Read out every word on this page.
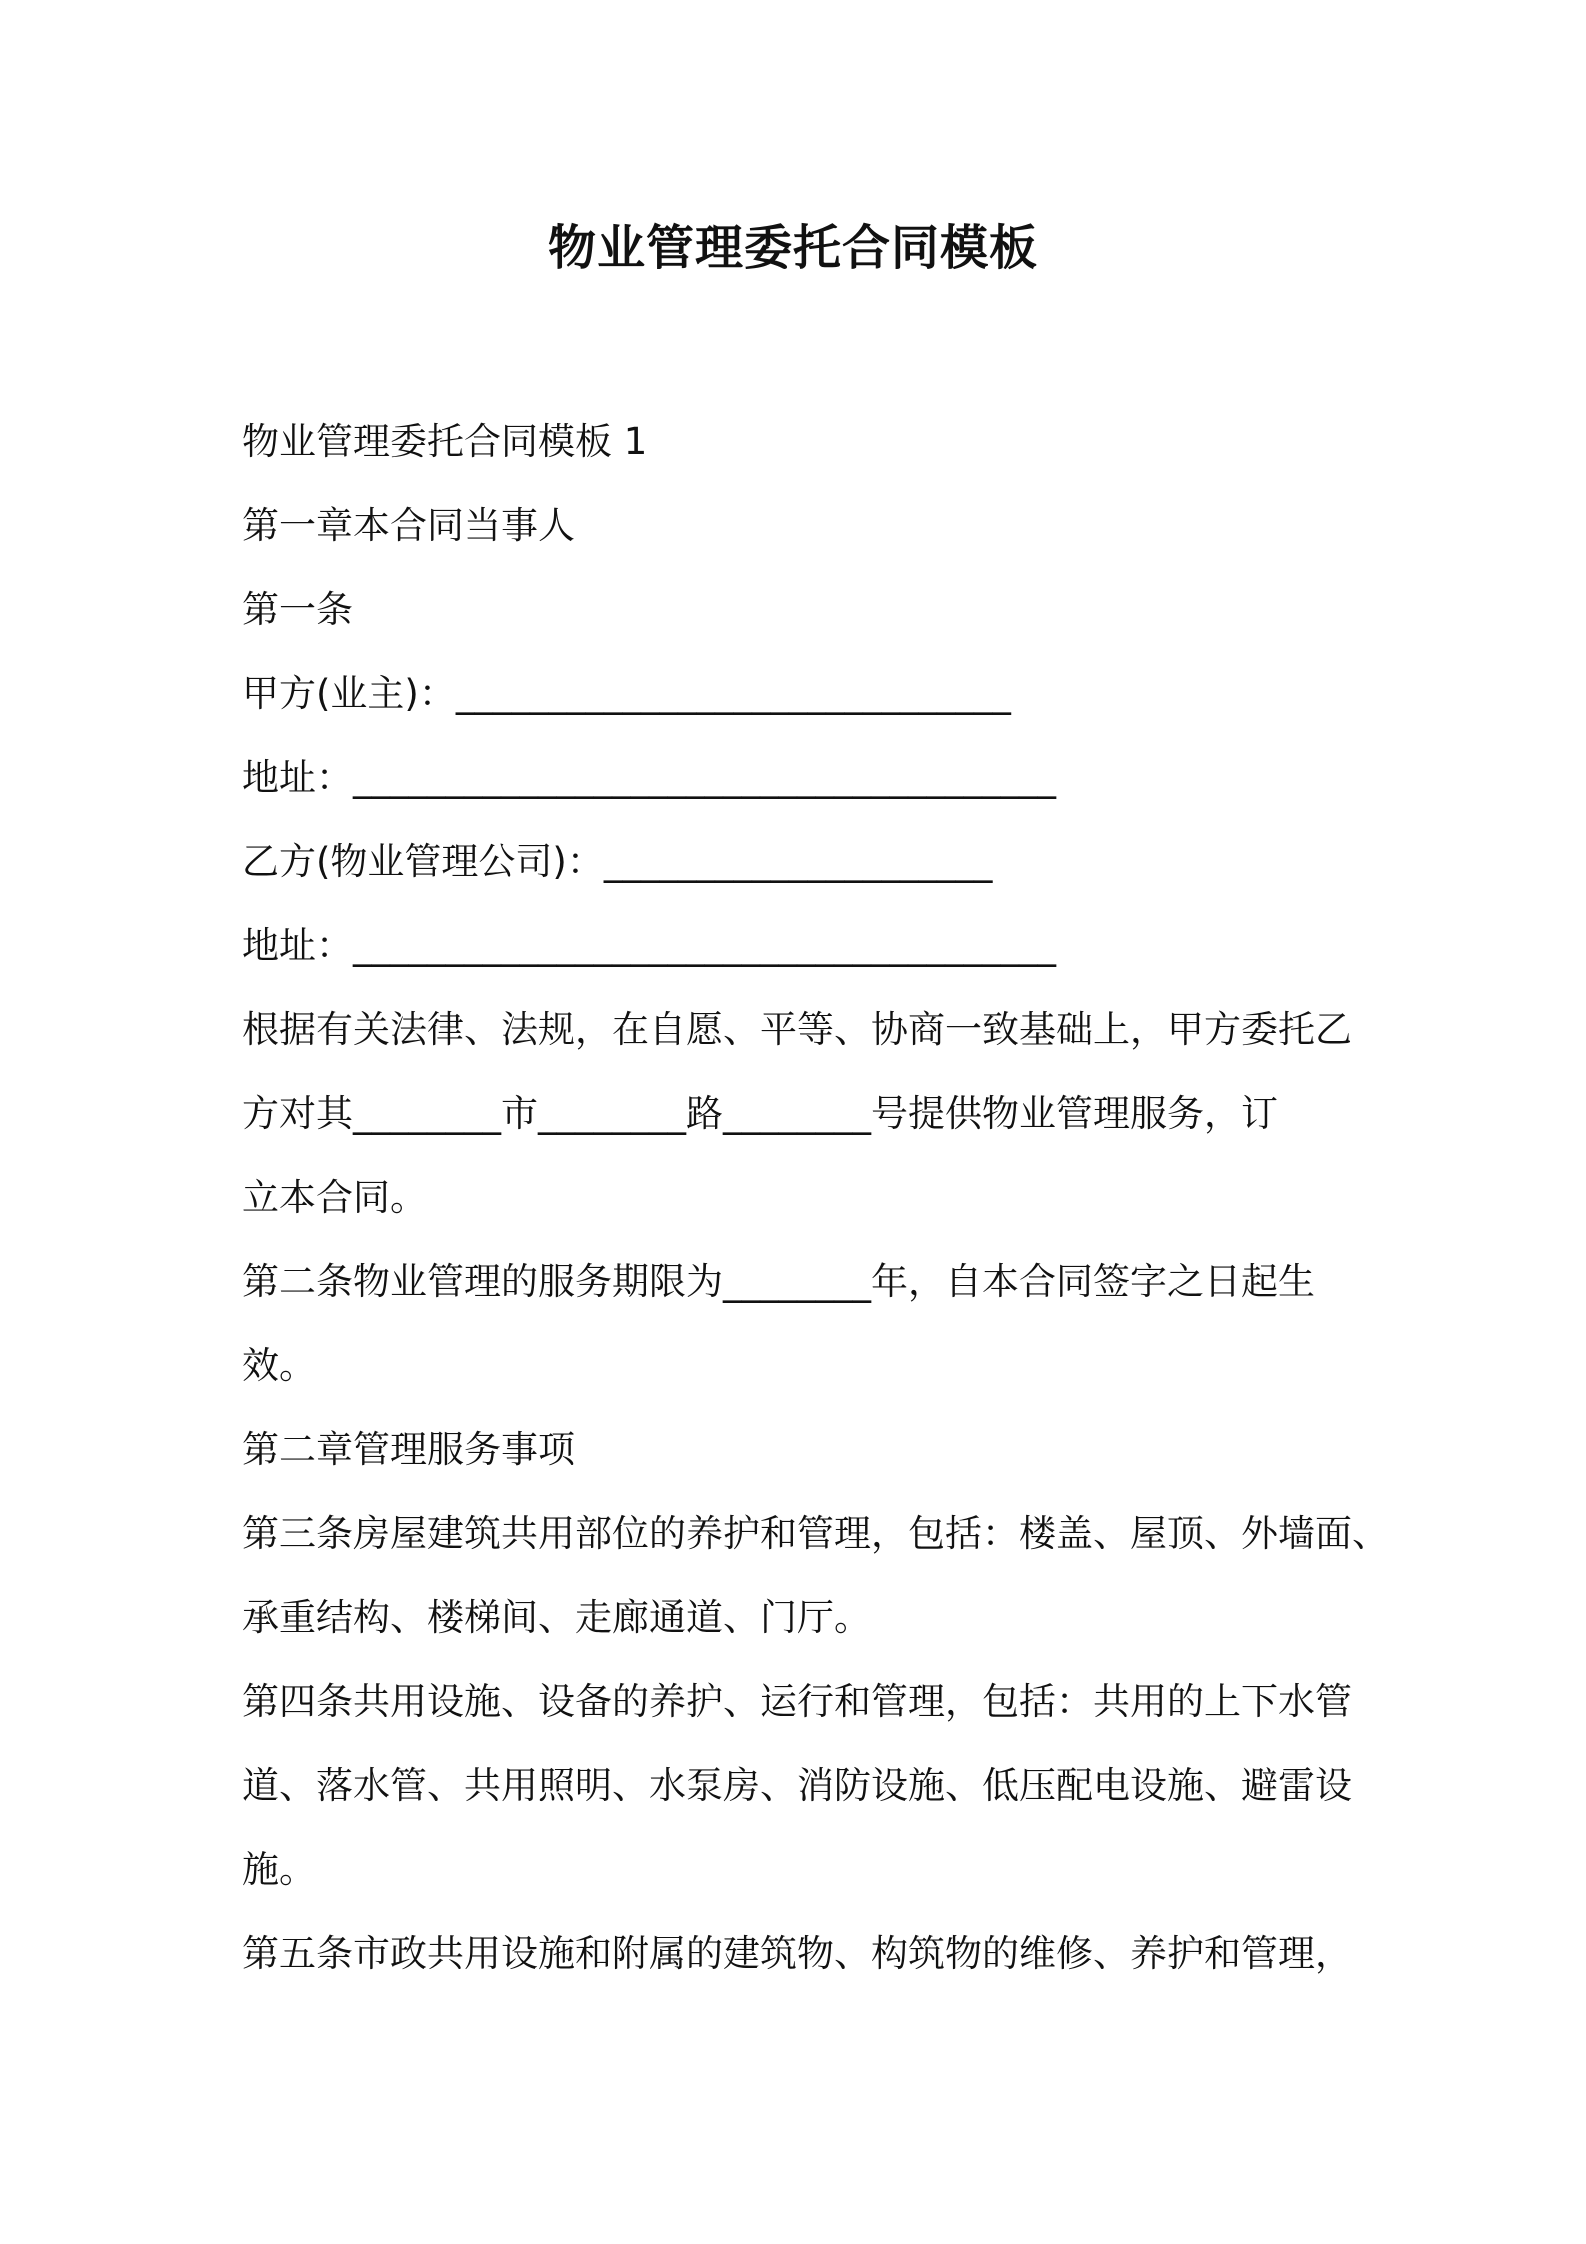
物业管理委托合同模板
物业管理委托合同模板 1
第一章本合同当事人
第一条
甲方(业主)：______________________________
地址：______________________________________
乙方(物业管理公司)：_____________________
地址：______________________________________
根据有关法律、法规，在自愿、平等、协商一致基础上，甲方委托乙
方对其________市________路________号提供物业管理服务，订
立本合同。
第二条物业管理的服务期限为________年，自本合同签字之日起生
效。
第二章管理服务事项
第三条房屋建筑共用部位的养护和管理，包括：楼盖、屋顶、外墙面、
承重结构、楼梯间、走廊通道、门厅。
第四条共用设施、设备的养护、运行和管理，包括：共用的上下水管
道、落水管、共用照明、水泵房、消防设施、低压配电设施、避雷设
施。
第五条市政共用设施和附属的建筑物、构筑物的维修、养护和管理，
